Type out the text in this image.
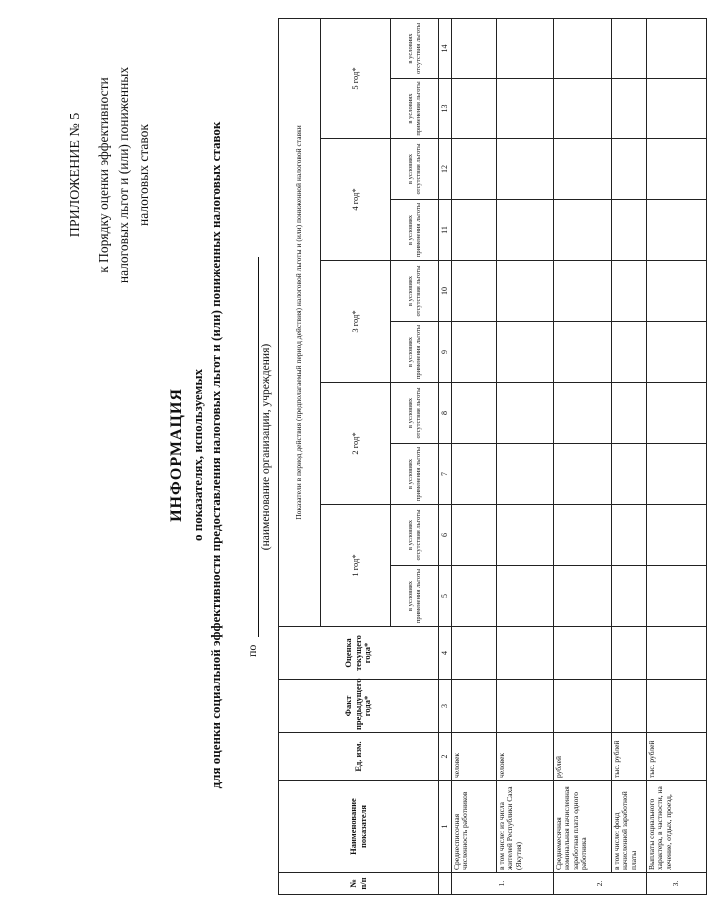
ПРИЛОЖЕНИЕ № 5 к Порядку оценки эффективности налоговых льгот и (или) пониженных налоговых ставок
ИНФОРМАЦИЯ о показателях, используемых для оценки социальной эффективности предоставления налоговых льгот и (или) пониженных налоговых ставок по
(наименование организации, учреждения)
№ п/п	Наименование показателя	Ед. изм.	Факт предыдущего года*	Оценка текущего года*	Показатели в период действия (предполагаемый период действия) налоговой льготы и (или) пониженной налоговой ставки									
					1 год*		2 год*		3 год*		4 год*		5 год*	
					в условиях применения льготы	в условиях отсутствия льготы	в условиях применения льготы	в условиях отсутствия льготы	в условиях применения льготы	в условиях отсутствия льготы	в условиях применения льготы	в условиях отсутствия льготы	в условиях применения льготы	в условиях отсутствия льготы
	1	2	3	4	5	6	7	8	9	10	11	12	13	14
1.	Среднесписочная численность работников	человек												
	в том числе: из числа жителей Республики Саха (Якутия)	человек												
2.	Среднемесячная номинальная начисленная заработная плата одного работника	рублей												
	в том числе: фонд начисленной заработной платы	тыс. рублей												
3.	Выплаты социального характера, в частности, на лечение, отдых, проезд,	тыс. рублей												
